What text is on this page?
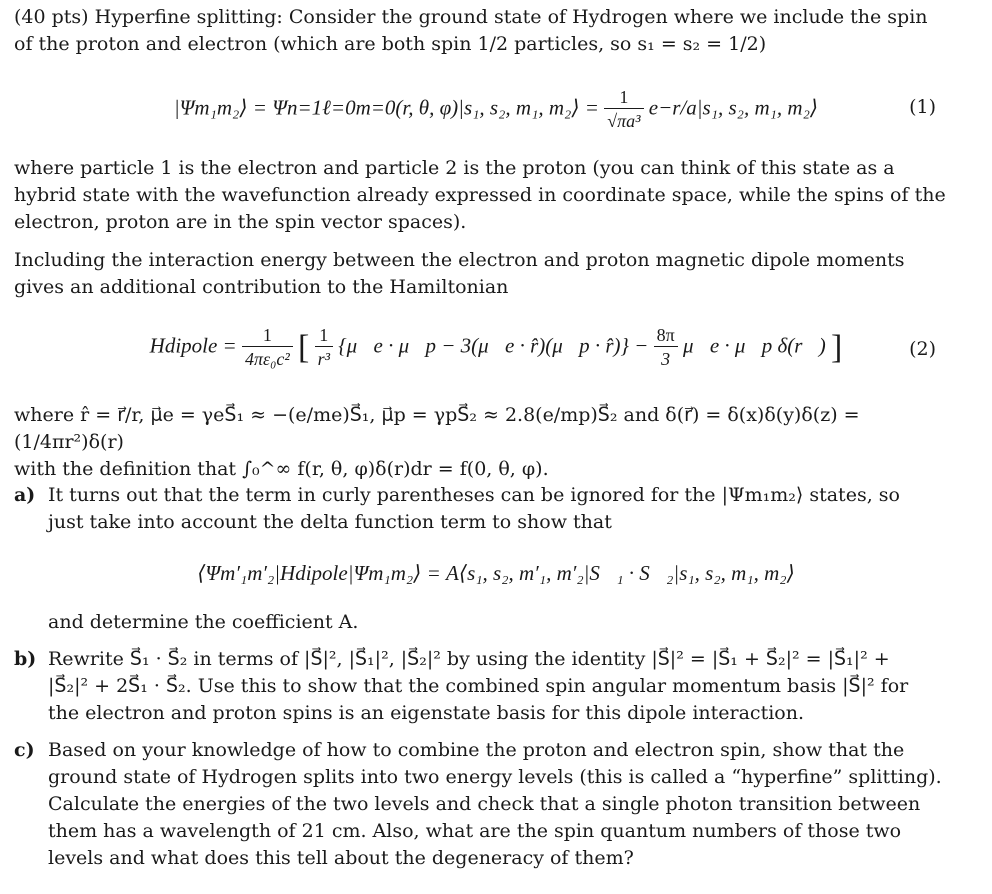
(40 pts) Hyperfine splitting: Consider the ground state of Hydrogen where we include the spin
of the proton and electron (which are both spin 1/2 particles, so s₁ = s₂ = 1/2)
|Ψm₁m₂⟩ = Ψn=1ℓ=0m=0(r, θ, φ)|s₁, s₂, m₁, m₂⟩ = $\frac{1}{\text{√πa³}} e-r/a|s_1$, s₂, m₁, m₂⟩	(1)
where particle 1 is the electron and particle 2 is the proton (you can think of this state as a
hybrid state with the wavefunction already expressed in coordinate space, while the spins of the
electron, proton are in the spin vector spaces).
Including the interaction energy between the electron and proton magnetic dipole moments
gives an additional contribution to the Hamiltonian
Hdipole = $\frac{1}{\text{4πε₀c²}}$ [ $\frac{1}{\text{r³}}$ {μ⃗e · μ⃗p − 3(μ⃗e · r̂)(μ⃗p · r̂)} − $\frac{8\pi}{3}$ μ⃗e · μ⃗p δ(r⃗) ]	(2)
where r̂ = r⃗/r, μ⃗e = γeS⃗₁ ≈ −(e/me)S⃗₁, μ⃗p = γpS⃗₂ ≈ 2.8(e/mp)S⃗₂ and δ(r⃗) = δ(x)δ(y)δ(z) = (1/4πr²)δ(r)
with the definition that ∫₀^∞ f(r, θ, φ)δ(r)dr = f(0, θ, φ).
a) It turns out that the term in curly parentheses can be ignored for the |Ψm₁m₂⟩ states, so
just take into account the delta function term to show that
⟨Ψm′₁m′₂|Hdipole|Ψm₁m₂⟩ = A⟨s₁, s₂, m′₁, m′₂|S⃗₁ · S⃗₂|s₁, s₂, m₁, m₂⟩
and determine the coefficient A.
b) Rewrite S⃗₁ · S⃗₂ in terms of |S⃗|², |S⃗₁|², |S⃗₂|² by using the identity |S⃗|² = |S⃗₁ + S⃗₂|² = |S⃗₁|² +
|S⃗₂|² + 2S⃗₁ · S⃗₂. Use this to show that the combined spin angular momentum basis |S⃗|² for
the electron and proton spins is an eigenstate basis for this dipole interaction.
c) Based on your knowledge of how to combine the proton and electron spin, show that the
ground state of Hydrogen splits into two energy levels (this is called a “hyperfine” splitting).
Calculate the energies of the two levels and check that a single photon transition between
them has a wavelength of 21 cm. Also, what are the spin quantum numbers of those two
levels and what does this tell about the degeneracy of them?
